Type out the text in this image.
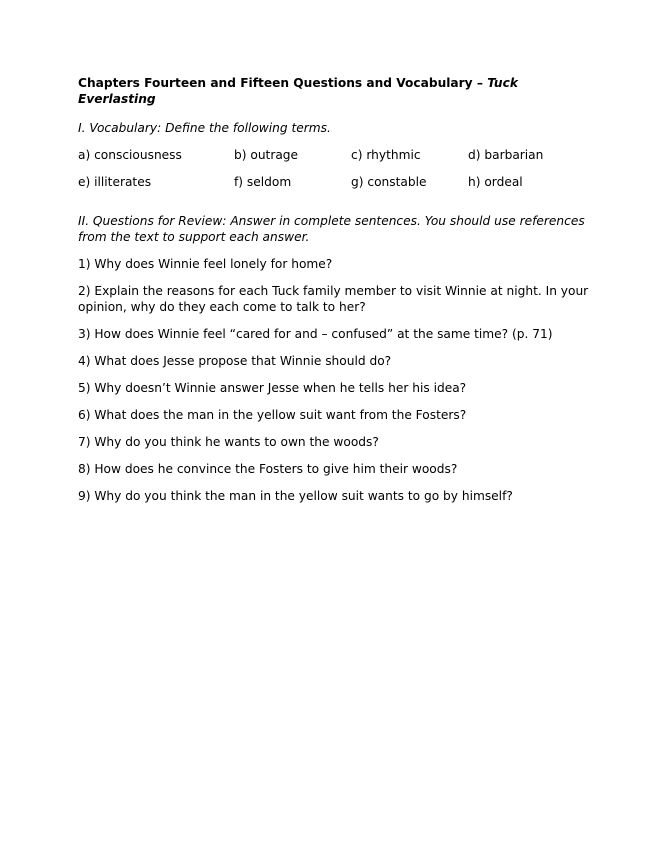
Chapters Fourteen and Fifteen Questions and Vocabulary – Tuck Everlasting
I. Vocabulary: Define the following terms.
a) consciousness	b) outrage	c) rhythmic	d) barbarian
e) illiterates	f) seldom	g) constable	h) ordeal
II. Questions for Review: Answer in complete sentences. You should use references from the text to support each answer.
1) Why does Winnie feel lonely for home?
2) Explain the reasons for each Tuck family member to visit Winnie at night. In your opinion, why do they each come to talk to her?
3) How does Winnie feel “cared for and – confused” at the same time? (p. 71)
4) What does Jesse propose that Winnie should do?
5) Why doesn’t Winnie answer Jesse when he tells her his idea?
6) What does the man in the yellow suit want from the Fosters?
7) Why do you think he wants to own the woods?
8) How does he convince the Fosters to give him their woods?
9) Why do you think the man in the yellow suit wants to go by himself?
